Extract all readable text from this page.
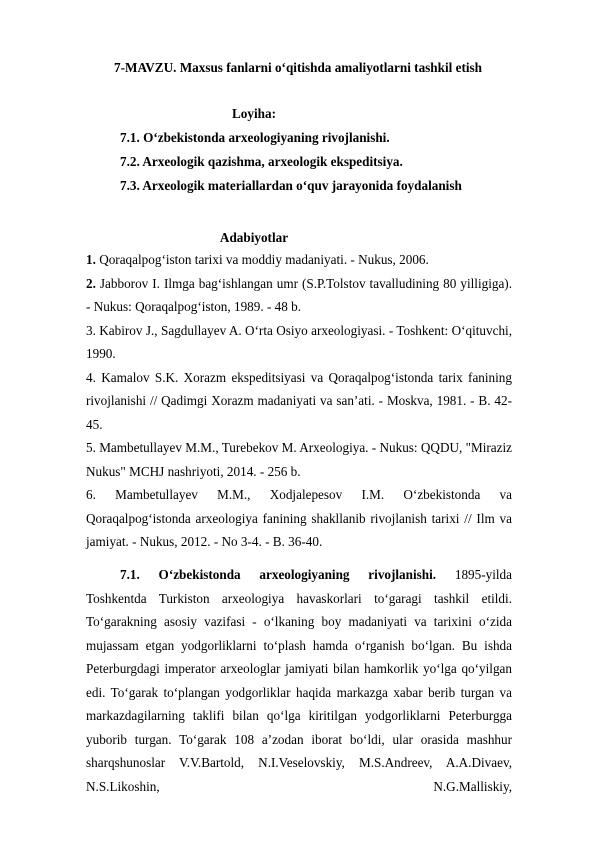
7-MAVZU. Maxsus fanlarni o‘qitishda amaliyotlarni tashkil etish
Loyiha:
7.1. O‘zbekistonda arxeologiyaning rivojlanishi.
7.2. Arxeologik qazishma, arxeologik ekspeditsiya.
7.3. Arxeologik materiallardan o‘quv jarayonida foydalanish
Adabiyotlar

1. Qoraqalpog‘iston tarixi va moddiy madaniyati. - Nukus, 2006.

2. Jabborov I. Ilmga bag‘ishlangan umr (S.P.Tolstov tavalludining 80 yilligiga). - Nukus: Qoraqalpog‘iston, 1989. - 48 b.

3. Kabirov J., Sagdullayev A. O‘rta Osiyo arxeologiyasi. - Toshkent: O‘qituvchi, 1990.

4. Kamalov S.K. Xorazm ekspeditsiyasi va Qoraqalpog‘istonda tarix fanining rivojlanishi // Qadimgi Xorazm madaniyati va san’ati. - Moskva, 1981. - B. 42-45.

5. Mambetullayev M.M., Turebekov M. Arxeologiya. - Nukus: QQDU, "Miraziz Nukus" MCHJ nashriyoti, 2014. - 256 b.

6. Mambetullayev M.M., Xodjalepesov I.M. O‘zbekistonda va Qoraqalpog‘istonda arxeologiya fanining shakllanib rivojlanish tarixi // Ilm va jamiyat. - Nukus, 2012. - No 3-4. - B. 36-40.

7.1. O‘zbekistonda arxeologiyaning rivojlanishi. 1895-yilda Toshkentda Turkiston arxeologiya havaskorlari to‘garagi tashkil etildi. To‘garakning asosiy vazifasi - o‘lkaning boy madaniyati va tarixini o‘zida mujassam etgan yodgorliklarni to‘plash hamda o‘rganish bo‘lgan. Bu ishda Peterburgdagi imperator arxeologlar jamiyati bilan hamkorlik yo‘lga qo‘yilgan edi. To‘garak to‘plangan yodgorliklar haqida markazga xabar berib turgan va markazdagilarning taklifi bilan qo‘lga kiritilgan yodgorliklarni Peterburgga yuborib turgan. To‘garak 108 a’zodan iborat bo‘ldi, ular orasida mashhur sharqshunoslar V.V.Bartold, N.I.Veselovskiy, M.S.Andreev, A.A.Divaev, N.S.Likoshin, N.G.Malliskiy,
